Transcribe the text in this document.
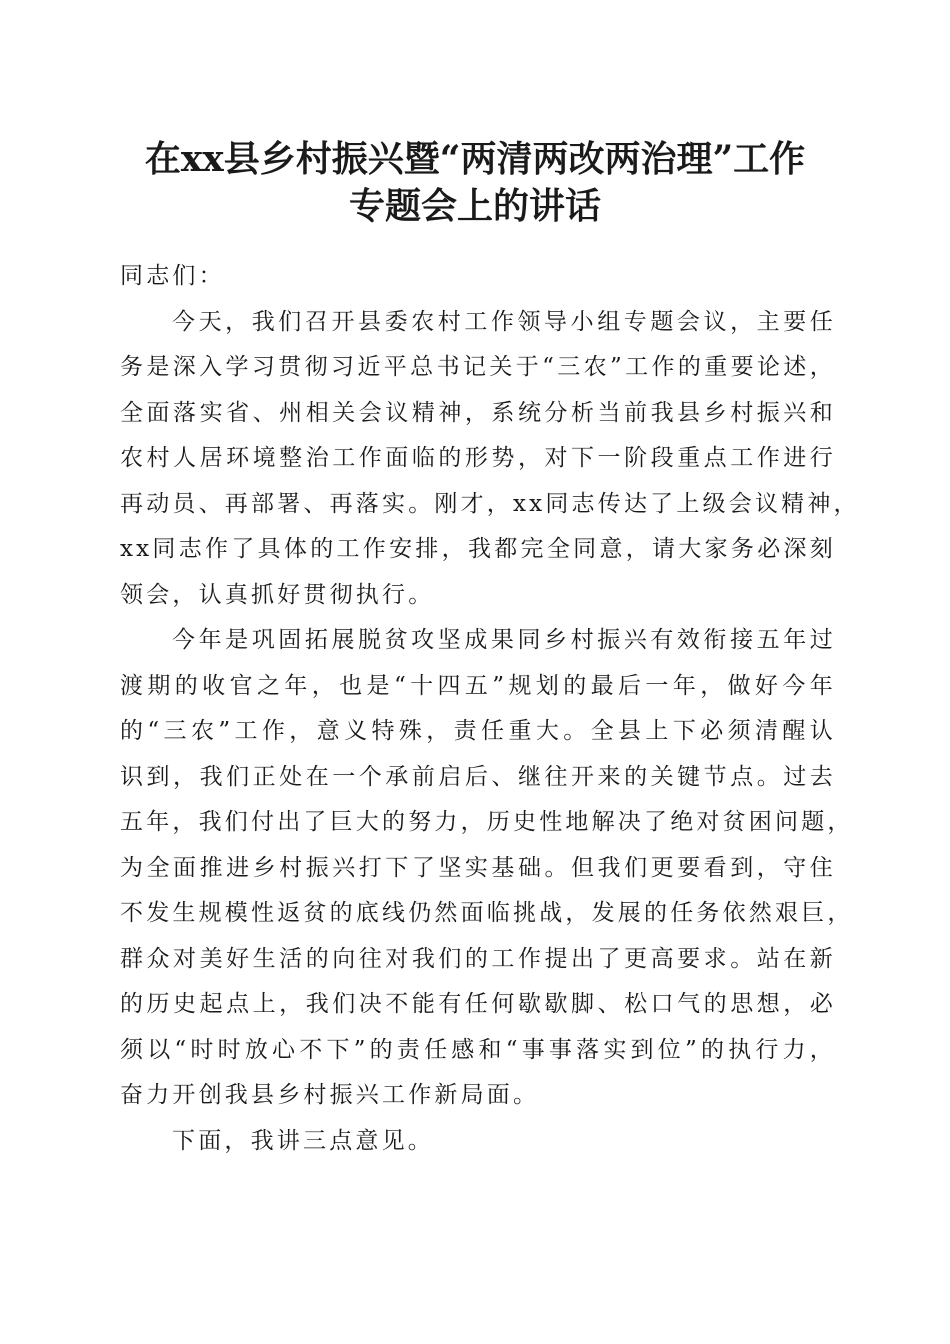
在xx县乡村振兴暨“两清两改两治理”工作
专题会上的讲话

同志们：

今天，我们召开县委农村工作领导小组专题会议，主要任
务是深入学习贯彻习近平总书记关于“三农”工作的重要论述，
全面落实省、州相关会议精神，系统分析当前我县乡村振兴和
农村人居环境整治工作面临的形势，对下一阶段重点工作进行
再动员、再部署、再落实。刚才，xx同志传达了上级会议精神，
xx同志作了具体的工作安排，我都完全同意，请大家务必深刻
领会，认真抓好贯彻执行。
今年是巩固拓展脱贫攻坚成果同乡村振兴有效衔接五年过
渡期的收官之年，也是“十四五”规划的最后一年，做好今年
的“三农”工作，意义特殊，责任重大。全县上下必须清醒认
识到，我们正处在一个承前启后、继往开来的关键节点。过去
五年，我们付出了巨大的努力，历史性地解决了绝对贫困问题，
为全面推进乡村振兴打下了坚实基础。但我们更要看到，守住
不发生规模性返贫的底线仍然面临挑战，发展的任务依然艰巨，
群众对美好生活的向往对我们的工作提出了更高要求。站在新
的历史起点上，我们决不能有任何歇歇脚、松口气的思想，必
须以“时时放心不下”的责任感和“事事落实到位”的执行力，
奋力开创我县乡村振兴工作新局面。
下面，我讲三点意见。
